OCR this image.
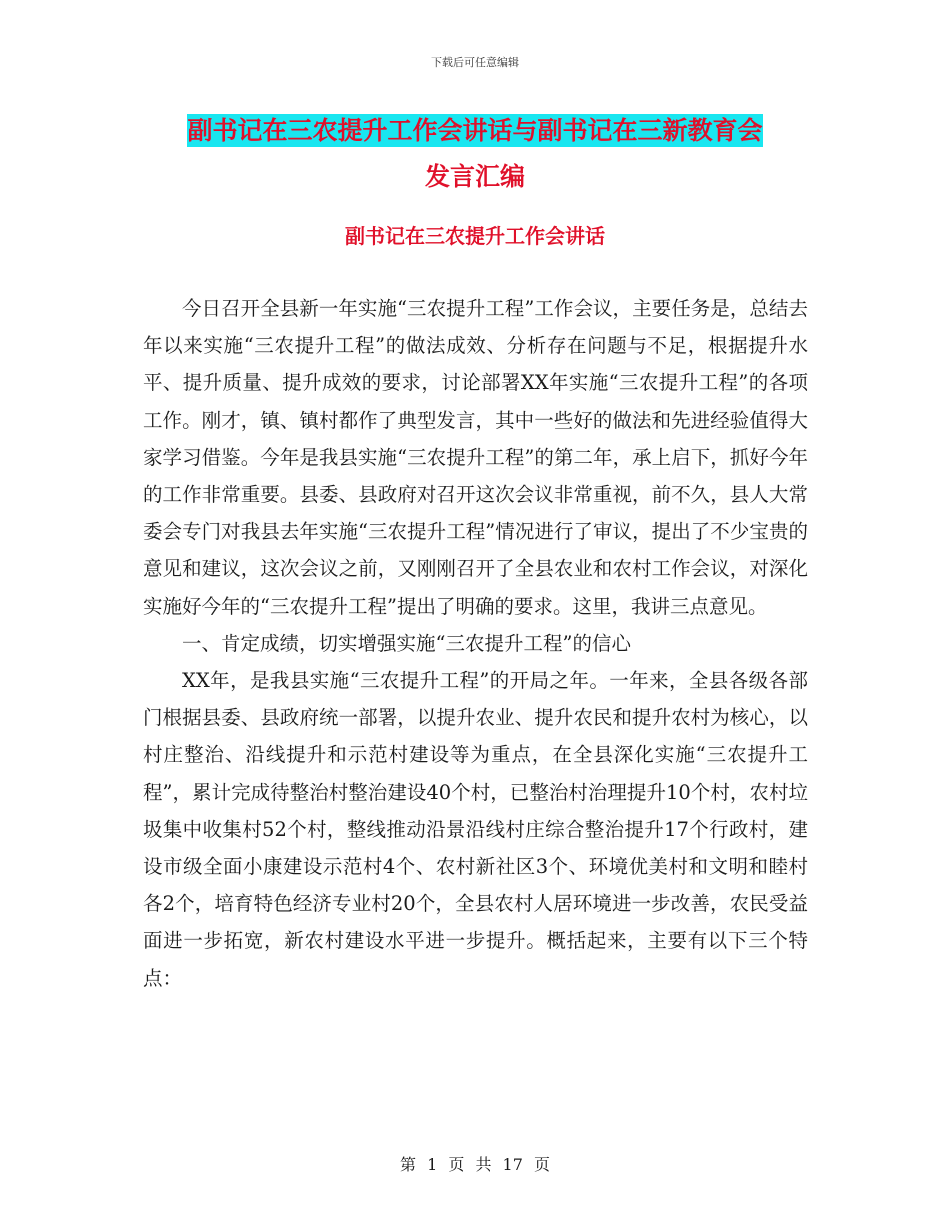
下载后可任意编辑
副书记在三农提升工作会讲话与副书记在三新教育会
发言汇编
副书记在三农提升工作会讲话

今日召开全县新一年实施“三农提升工程”工作会议，主要任务是，总结去年以来实施“三农提升工程”的做法成效、分析存在问题与不足，根据提升水平、提升质量、提升成效的要求，讨论部署XX年实施“三农提升工程”的各项工作。刚才，镇、镇村都作了典型发言，其中一些好的做法和先进经验值得大家学习借鉴。今年是我县实施“三农提升工程”的第二年，承上启下，抓好今年的工作非常重要。县委、县政府对召开这次会议非常重视，前不久，县人大常委会专门对我县去年实施“三农提升工程”情况进行了审议，提出了不少宝贵的意见和建议，这次会议之前，又刚刚召开了全县农业和农村工作会议，对深化实施好今年的“三农提升工程”提出了明确的要求。这里，我讲三点意见。

一、肯定成绩，切实增强实施“三农提升工程”的信心

XX年，是我县实施“三农提升工程”的开局之年。一年来，全县各级各部门根据县委、县政府统一部署，以提升农业、提升农民和提升农村为核心，以村庄整治、沿线提升和示范村建设等为重点，在全县深化实施“三农提升工程”，累计完成待整治村整治建设40个村，已整治村治理提升10个村，农村垃圾集中收集村52个村，整线推动沿景沿线村庄综合整治提升17个行政村，建设市级全面小康建设示范村4个、农村新社区3个、环境优美村和文明和睦村各2个，培育特色经济专业村20个，全县农村人居环境进一步改善，农民受益面进一步拓宽，新农村建设水平进一步提升。概括起来，主要有以下三个特点：

第 1 页 共 17 页
